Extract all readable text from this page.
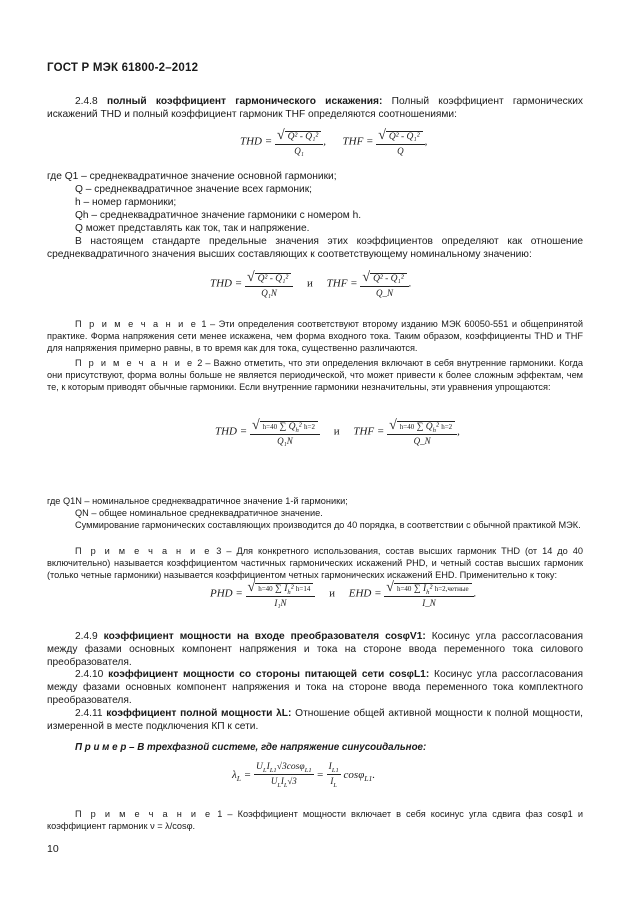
ГОСТ Р МЭК 61800-2–2012
2.4.8 полный коэффициент гармонического искажения: Полный коэффициент гармонических искажений THD и полный коэффициент гармоник THF определяются соотношениями:
THD = $\frac{\text{√ Q² - Q₁²}}{\text{Q₁}}$ ,      THF = $\frac{\text{√ Q² - Q₁²}}{Q}$ ,
где Q1 – среднеквадратичное значение основной гармоники;
Q – среднеквадратичное значение всех гармоник;
h – номер гармоники;
Qh – среднеквадратичное значение гармоники с номером h.
Q может представлять как ток, так и напряжение.
В настоящем стандарте предельные значения этих коэффициентов определяют как отношение среднеквадратичного значения высших составляющих к соответствующему номинальному значению:
THD = $\frac{\text{√ Q² - Q₁²}}{\text{Q₁N}}$ и THF = $\frac{\text{√ Q² - Q₁²}}{Q\_N}$ .
П р и м е ч а н и е 1 – Эти определения соответствуют второму изданию МЭК 60050-551 и общепринятой практике. Форма напряжения сети менее искажена, чем форма входного тока. Таким образом, коэффициенты THD и THF для напряжения примерно равны, в то время как для тока, существенно различаются.
П р и м е ч а н и е 2 – Важно отметить, что эти определения включают в себя внутренние гармоники. Когда они присутствуют, форма волны больше не является периодической, что может привести к более сложным эффектам, чем те, к которым приводят обычные гармоники. Если внутренние гармоники незначительны, эти уравнения упрощаются:
THD = $\frac{√ h=40 \sum Q_h^2 h=2}{\text{Q₁N}}$ и THF = $\frac{√ h=40 \sum Q_h^2 h=2}{Q\_N}$ ,
где Q1N – номинальное среднеквадратичное значение 1-й гармоники;
QN – общее номинальное среднеквадратичное значение.
Суммирование гармонических составляющих производится до 40 порядка, в соответствии с обычной практикой МЭК.
П р и м е ч а н и е 3 – Для конкретного использования, состав высших гармоник THD (от 14 до 40 включительно) называется коэффициентом частичных гармонических искажений PHD, и четный состав высших гармоник (только четные гармоники) называется коэффициентом четных гармонических искажений EHD. Применительно к току:
PHD = $\frac{√ h=40 \sum I_h^2 h=14}{\text{I₁N}}$ и EHD = $\frac{√ h=40 \sum I_h^2 h=2,четные}{I\_N}$ .
2.4.9 коэффициент мощности на входе преобразователя cosφV1: Косинус угла рассогласования между фазами основных компонент напряжения и тока на стороне ввода переменного тока силового преобразователя.
2.4.10 коэффициент мощности со стороны питающей сети cosφL1: Косинус угла рассогласования между фазами основных компонент напряжения и тока на стороне ввода переменного тока комплектного преобразователя.
2.4.11 коэффициент полной мощности λL: Отношение общей активной мощности к полной мощности, измеренной в месте подключения КП к сети.
П р и м е р – В трехфазной системе, где напряжение синусоидальное:
$\lambda_L = \frac{U_LI_{L1}√3\cos\varphi_{L1}}{U_LI_L√3} = \frac{I_{L1}}{I_L} \cos\varphi_{L1}$.
П р и м е ч а н и е 1 – Коэффициент мощности включает в себя косинус угла сдвига фаз cosφ1 и коэффициент гармоник ν = λ/cosφ.
10
